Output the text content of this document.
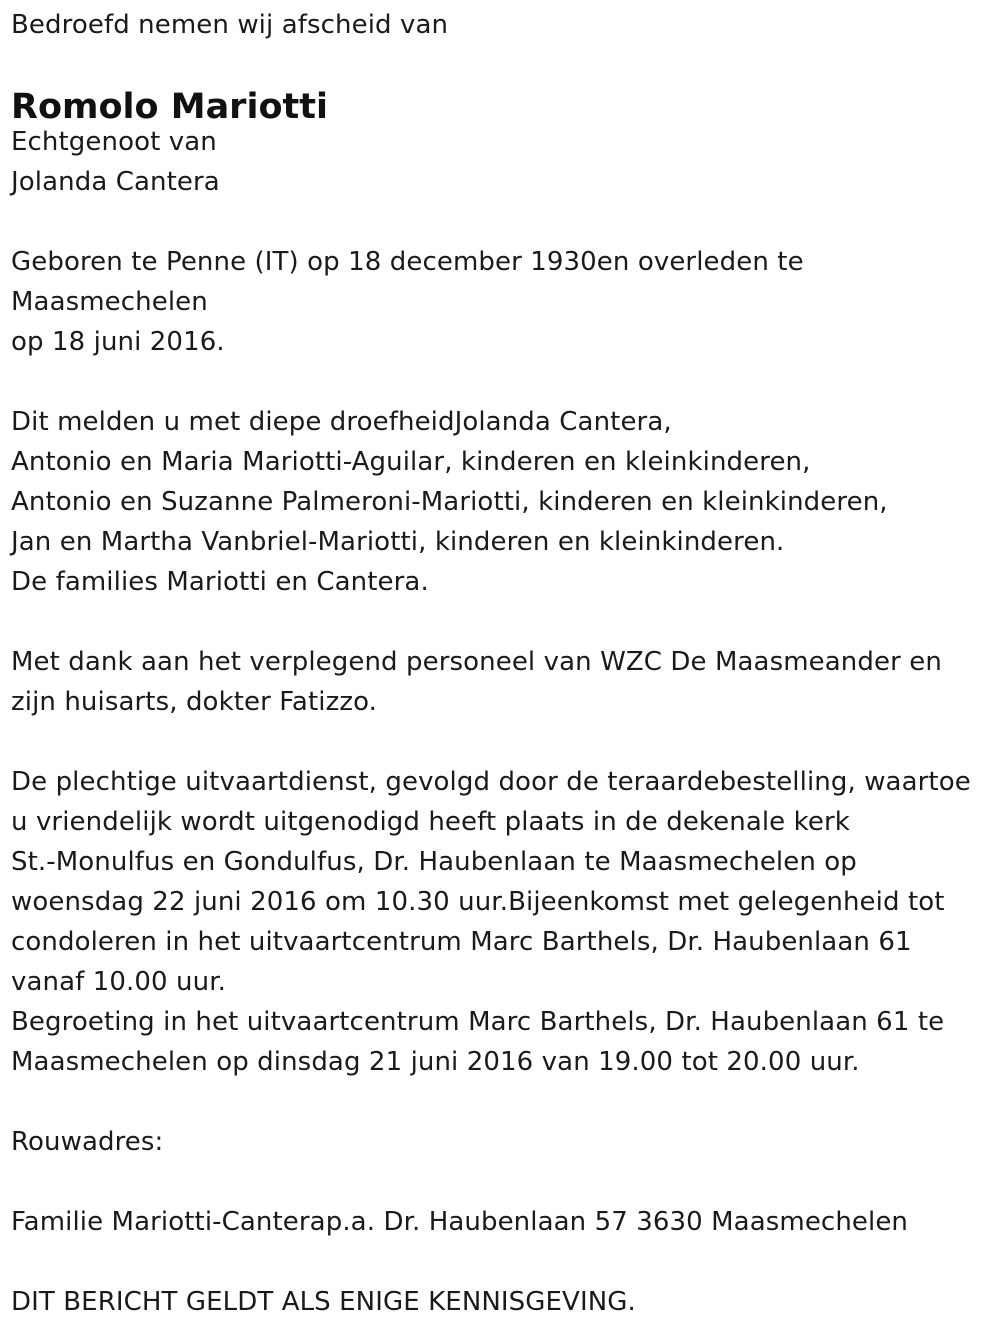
Bedroefd nemen wij afscheid van
Romolo Mariotti
Echtgenoot van
Jolanda Cantera
Geboren te Penne (IT) op 18 december 1930en overleden te
Maasmechelen
op 18 juni 2016.
Dit melden u met diepe droefheidJolanda Cantera,
Antonio en Maria Mariotti-Aguilar, kinderen en kleinkinderen,
Antonio en Suzanne Palmeroni-Mariotti, kinderen en kleinkinderen,
Jan en Martha Vanbriel-Mariotti, kinderen en kleinkinderen.
De families Mariotti en Cantera.
Met dank aan het verplegend personeel van WZC De Maasmeander en
zijn huisarts, dokter Fatizzo.
De plechtige uitvaartdienst, gevolgd door de teraardebestelling, waartoe
u vriendelijk wordt uitgenodigd heeft plaats in de dekenale kerk
St.-Monulfus en Gondulfus, Dr. Haubenlaan te Maasmechelen op
woensdag 22 juni 2016 om 10.30 uur.Bijeenkomst met gelegenheid tot
condoleren in het uitvaartcentrum Marc Barthels, Dr. Haubenlaan 61
vanaf 10.00 uur.
Begroeting in het uitvaartcentrum Marc Barthels, Dr. Haubenlaan 61 te
Maasmechelen op dinsdag 21 juni 2016 van 19.00 tot 20.00 uur.
Rouwadres:
Familie Mariotti-Canterap.a. Dr. Haubenlaan 57 3630 Maasmechelen
DIT BERICHT GELDT ALS ENIGE KENNISGEVING.
